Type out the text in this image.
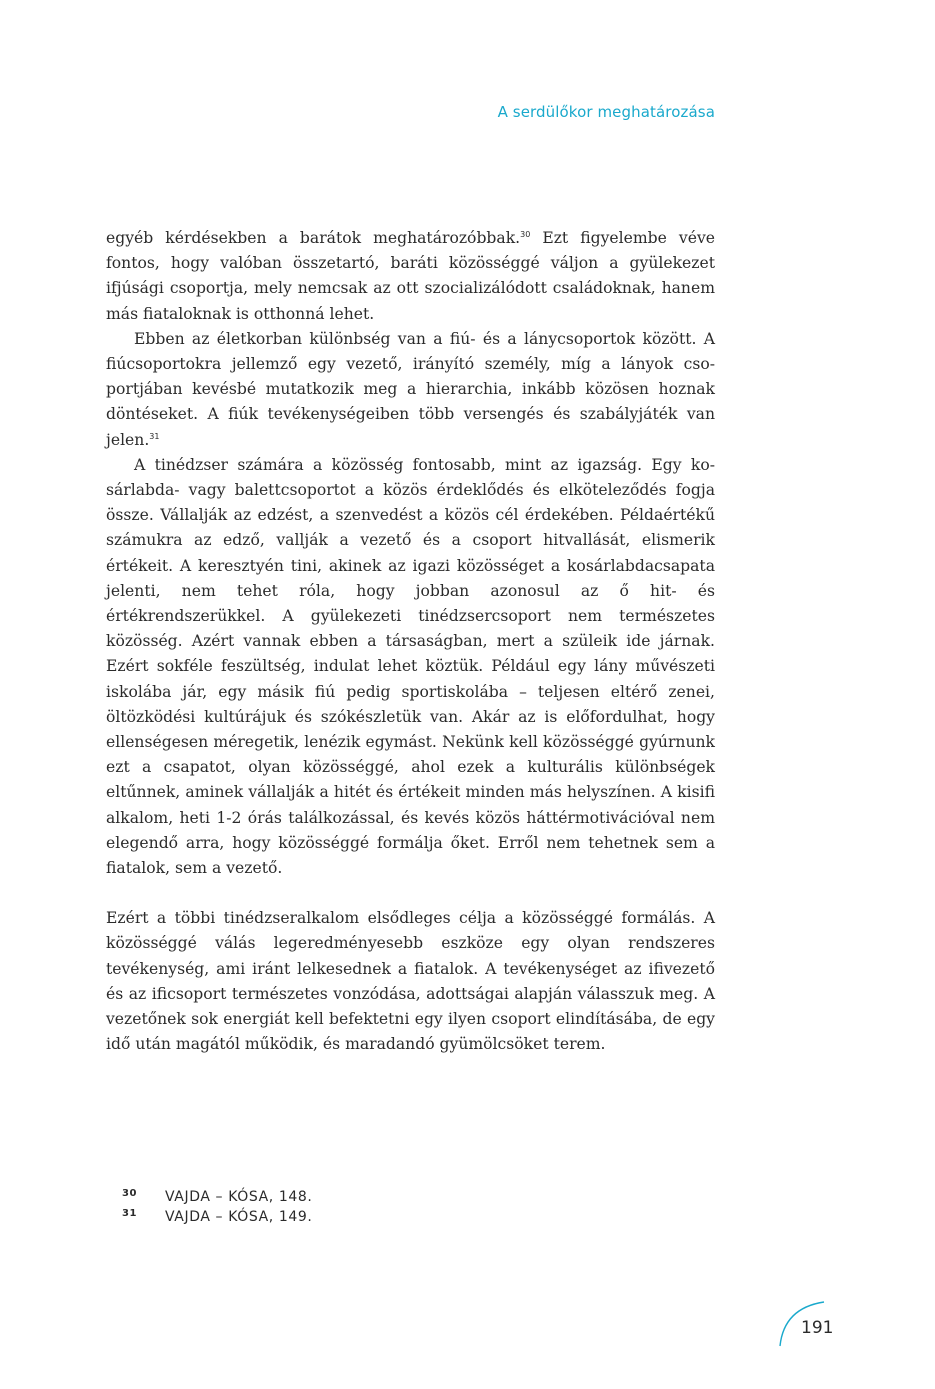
A serdülőkor meghatározása

egyéb kérdésekben a barátok meghatározóbbak.$^{30}$ Ezt figyelembe véve fontos, hogy valóban összetartó, baráti közösséggé váljon a gyülekezet ifjúsági csoportja, mely nemcsak az ott szocializálódott családoknak, hanem más fiataloknak is otthonná lehet.

Ebben az életkorban különbség van a fiú- és a lánycsoportok között. A fiúcsoportokra jellemző egy vezető, irányító személy, míg a lányok csoportjában kevésbé mutatkozik meg a hierarchia, inkább közösen hoznak döntéseket. A fiúk tevékenységeiben több versengés és szabályjáték van jelen.$^{31}$

A tinédzser számára a közösség fontosabb, mint az igazság. Egy kosárlabda- vagy balettcsoportot a közös érdeklődés és elköteleződés fogja össze. Vállalják az edzést, a szenvedést a közös cél érdekében. Példaértékű számukra az edző, vallják a vezető és a csoport hitvallását, elismerik értékeit. A keresztyén tini, akinek az igazi közösséget a kosárlabdacsapata jelenti, nem tehet róla, hogy jobban azonosul az ő hit- és értékrendszerükkel. A gyülekezeti tinédzsercsoport nem természetes közösség. Azért vannak ebben a társaságban, mert a szüleik ide járnak. Ezért sokféle feszültség, indulat lehet köztük. Például egy lány művészeti iskolába jár, egy másik fiú pedig sportiskolába – teljesen eltérő zenei, öltözködési kultúrájuk és szókészletük van. Akár az is előfordulhat, hogy ellenségesen méregetik, lenézik egymást. Nekünk kell közösséggé gyúrnunk ezt a csapatot, olyan közösséggé, ahol ezek a kulturális különbségek eltűnnek, aminek vállalják a hitét és értékeit minden más helyszínen. A kisifi alkalom, heti 1-2 órás találkozással, és kevés közös háttérmotivációval nem elegendő arra, hogy közösséggé formálja őket. Erről nem tehetnek sem a fiatalok, sem a vezető.

Ezért a többi tinédzseralkalom elsődleges célja a közösséggé formálás. A közösséggé válás legeredményesebb eszköze egy olyan rendszeres tevékenység, ami iránt lelkesednek a fiatalok. A tevékenységet az ifivezető és az ificsoport természetes vonzódása, adottságai alapján válasszuk meg. A vezetőnek sok energiát kell befektetni egy ilyen csoport elindításába, de egy idő után magától működik, és maradandó gyümölcsöket terem.

30	VAJDA – KÓSA, 148.
31	VAJDA – KÓSA, 149.
191
